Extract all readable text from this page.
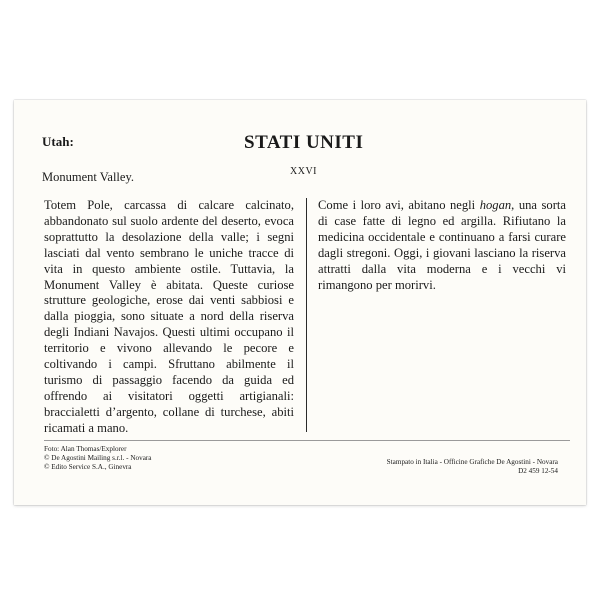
Utah:
Monument Valley.
STATI UNITI
XXVI

Totem Pole, carcassa di calcare calcinato, abbandonato sul suolo ardente del deserto, evoca soprattutto la desolazione della valle; i segni lasciati dal vento sembrano le uniche tracce di vita in questo ambiente ostile. Tuttavia, la Monument Valley è abitata. Queste curiose strutture geologiche, erose dai venti sabbiosi e dalla pioggia, sono situate a nord della riserva degli Indiani Navajos. Questi ultimi occupano il territorio e vivono allevando le pecore e coltivando i campi. Sfruttano abilmente il turismo di passaggio facendo da guida ed offrendo ai visitatori oggetti artigianali: braccialetti d’argento, collane di turchese, abiti ricamati a mano.

Come i loro avi, abitano negli hogan, una sorta di case fatte di legno ed argilla. Rifiutano la medicina occidentale e continuano a farsi curare dagli stregoni. Oggi, i giovani lasciano la riserva attratti dalla vita moderna e i vecchi vi rimangono per morirvi.

Foto: Alan Thomas/Explorer
© De Agostini Mailing s.r.l. - Novara
© Edito Service S.A., Ginevra
Stampato in Italia - Officine Grafiche De Agostini - Novara
D2 459 12-54
